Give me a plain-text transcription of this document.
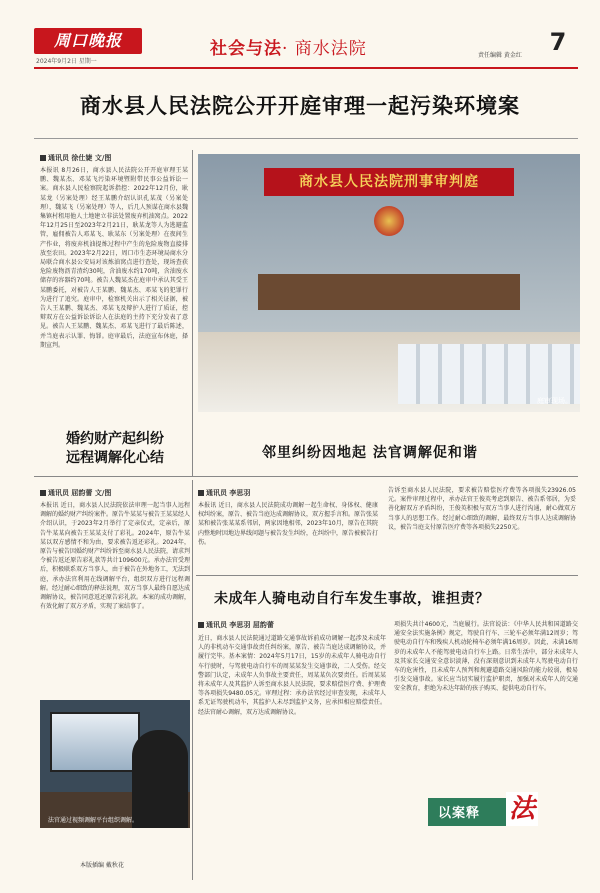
周口晚报
2024年9月2日 星期一
社会与法· 商水法院	责任编辑 黄金红	7
商水县人民法院公开开庭审理一起污染环境案
通讯员 徐仕婕 文/图
本报讯 8月26日，商水县人民法院公开开庭审理王某鹏、魏某杰、邓某飞污染环境暨附带民事公益诉讼一案。商水县人民检察院起诉指控：2022年12月份，耿某龙（另案处理）经王某鹏介绍认识孔某茂（另案处理），魏某飞（另案处理）等人，后几人预谋在商水县魏集镇村租用他人土地建立非法处置废弃机油窝点。2022年12月25日至2023年2月21日，耿某龙等人为逃避监管，雇佣被告人邓某飞、耿某东（另案处理）在夜间生产作业，将废弃机油提炼过程中产生的危险废物直接排放至农田。2023年2月22日，周口市生态环境局商水分局联合商水县公安局对该炼油窝点进行查处，现场查获危险废物沥青渣约30吨，含油废水约170吨，含油废水储存的容器约70吨。被告人魏某杰在庭审中承认其受王某鹏委托，对被告人王某鹏、魏某杰、邓某飞的犯罪行为进行了追究。庭审中，检察机关出示了相关证据，被告人王某鹏、魏某杰、邓某飞及辩护人进行了质证，控辩双方在公益诉讼诉讼人在法庭的主持下充分发表了意见。被告人王某鹏、魏某杰、邓某飞进行了最后陈述，并当庭表示认罪、悔罪。庭审最后，法庭宣布休庭，择期宣判。
商水县人民法院刑事审判庭
庭审现场。
婚约财产起纠纷
远程调解化心结	邻里纠纷因地起 法官调解促和谐
通讯员 屈韵蕾 文/图
本报讯 近日，商水县人民法院依法审理一起当事人远程调解的婚约财产纠纷案件。原告牛某某与被告王某某经人介绍认识，于2023年2月举行了定亲仪式，定亲后，原告牛某某向被告王某某支付了彩礼。2024年，原告牛某某以双方感情不和为由，要求被告返还彩礼。2024年，原告与被告因婚约财产纠纷诉至商水县人民法院，请求判令被告返还原告彩礼款等共计109600元。承办法官受理后，积极联系双方当事人，由于被告在外地务工，无法到庭，承办法官利用在线调解平台，组织双方进行远程调解。经过耐心细致的释法说理，双方当事人最终自愿达成调解协议，被告同意返还原告彩礼款。本案的成功调解，有效化解了双方矛盾，实现了案结事了。
法官通过视频调解平台组织调解。
本版插编 戴秋花
通讯员 李思羽
本报讯 近日，商水县人民法院成功调解一起生命权、身体权、健康权纠纷案，原告、被告当庭达成调解协议，双方握手言和。原告张某某和被告张某某系邻居，两家因地相邻，2023年10月，原告在其院内整地时因地边界线问题与被告发生纠纷，在纠纷中，原告被被告打伤。
告诉至商水县人民法院，要求被告赔偿医疗费等各项损失23926.05元。案件审理过程中，承办法官王俊英考虑到原告、被告系邻居，为妥善化解双方矛盾纠纷，王俊英积极与双方当事人进行沟通，耐心做双方当事人的思想工作。经过耐心细致的调解，最终双方当事人达成调解协议，被告当庭支付原告医疗费等各项损失2250元。
未成年人骑电动自行车发生事故，谁担责？
通讯员 李思羽 屈韵蕾
近日，商水县人民法院通过道路交通事故诉前成功调解一起涉及未成年人的非机动车交通事故责任纠纷案，原告、被告当庭达成调解协议，并履行完毕。基本案情：2024年5月17日，15岁的未成年人骑电动自行车行驶时，与驾驶电动自行车的周某某发生交通事故，二人受伤。经交警部门认定，未成年人负事故主要责任，周某某负次要责任。后周某某将未成年人及其监护人诉至商水县人民法院，要求赔偿医疗费、护理费等各项损失9480.05元。审理过程：承办法官经过审查发现，未成年人系无证驾驶机动车，其监护人未尽到监护义务，应承担相应赔偿责任。经法官耐心调解，双方达成调解协议。
项损失共计4600元，当庭履行。法官说法：《中华人民共和国道路交通安全法实施条例》规定，驾驶自行车、三轮车必须年满12周岁；驾驶电动自行车和残疾人机动轮椅车必须年满16周岁。因此，未满16周岁的未成年人不能驾驶电动自行车上路。日常生活中，部分未成年人及其家长交通安全意识淡薄，没有深刻意识到未成年人驾驶电动自行车的危害性，且未成年人预判和规避道路交通风险的能力较弱，极易引发交通事故。家长应当切实履行监护职责，加强对未成年人的交通安全教育，拒绝为未达年龄的孩子购买、提供电动自行车。
以案释 法
